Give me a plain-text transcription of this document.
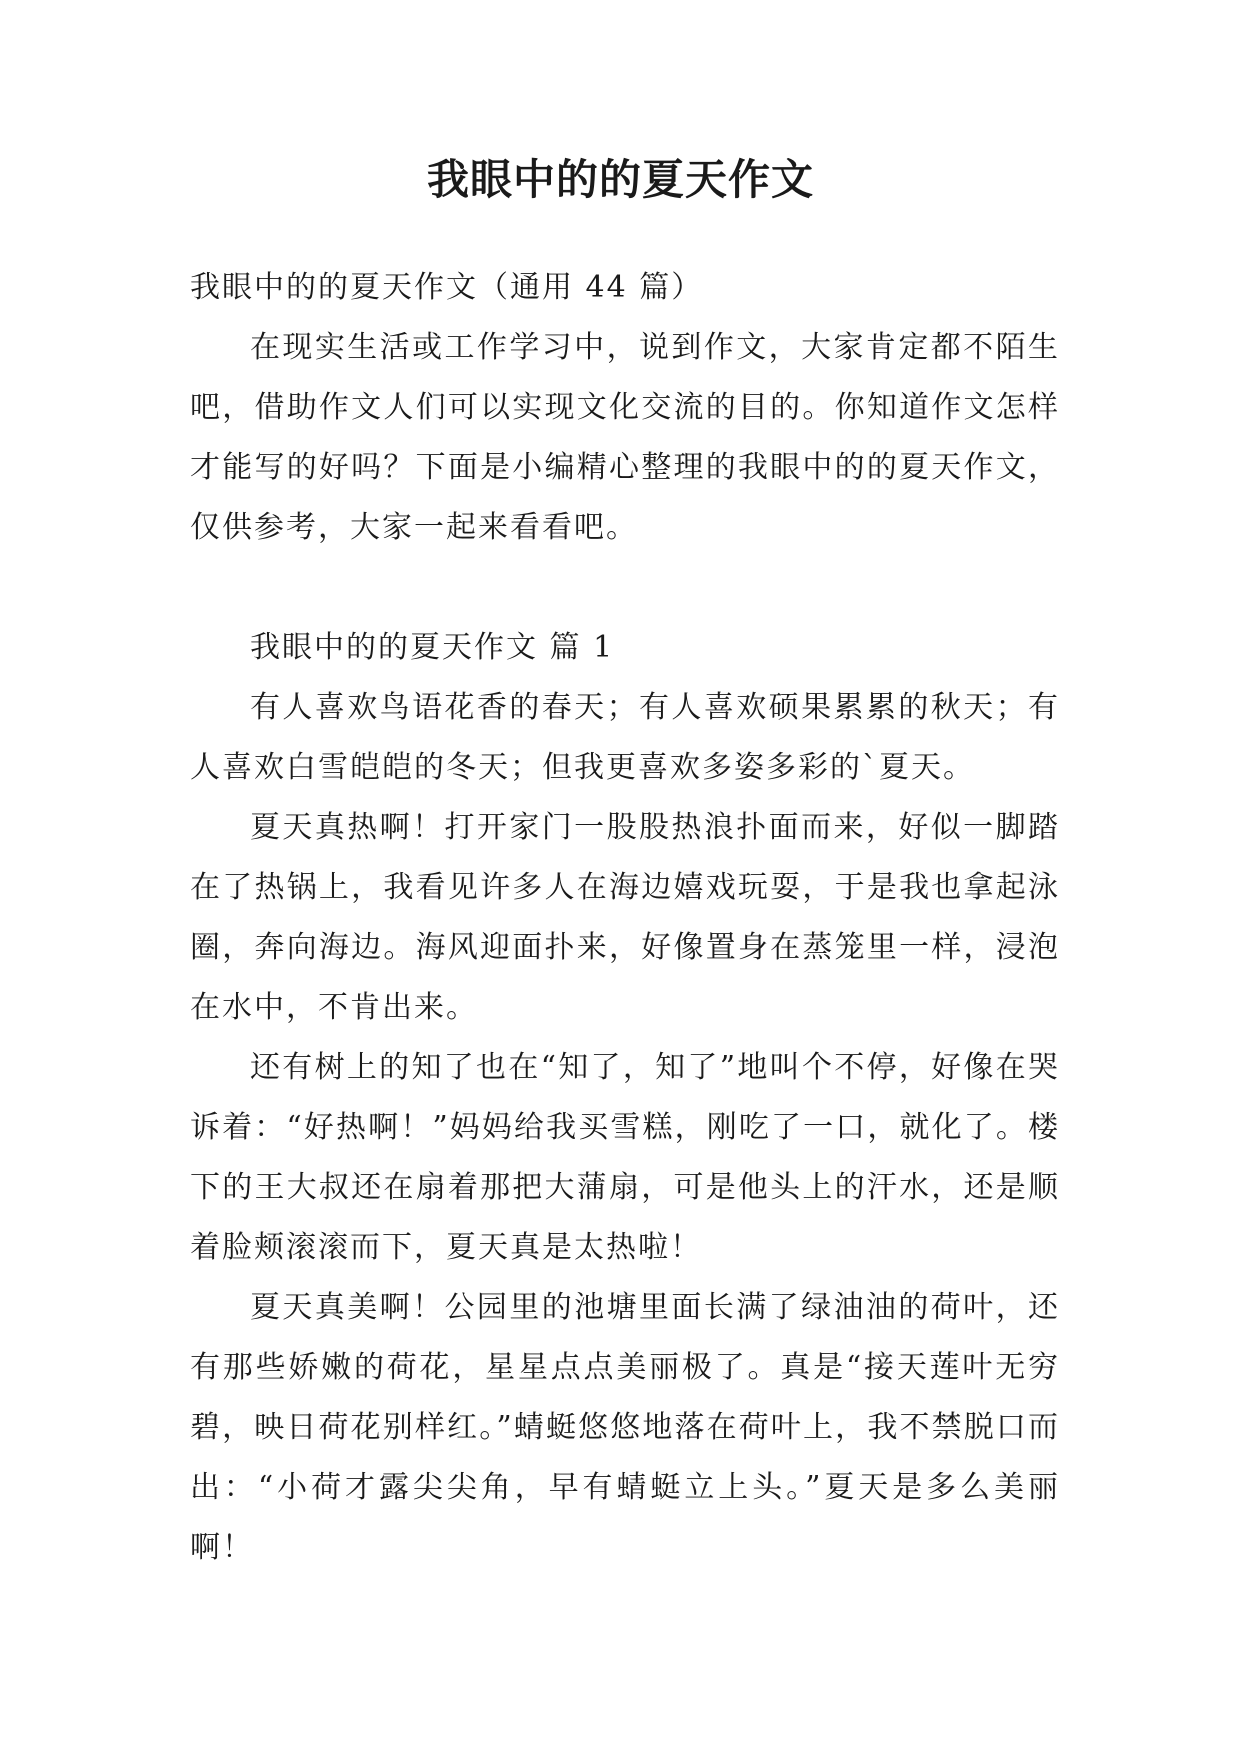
我眼中的的夏天作文

我眼中的的夏天作文（通用 44 篇）

在现实生活或工作学习中，说到作文，大家肯定都不陌生吧，借助作文人们可以实现文化交流的目的。你知道作文怎样才能写的好吗？下面是小编精心整理的我眼中的的夏天作文，仅供参考，大家一起来看看吧。

我眼中的的夏天作文 篇 1

有人喜欢鸟语花香的春天；有人喜欢硕果累累的秋天；有人喜欢白雪皑皑的冬天；但我更喜欢多姿多彩的`夏天。

夏天真热啊！打开家门一股股热浪扑面而来，好似一脚踏在了热锅上，我看见许多人在海边嬉戏玩耍，于是我也拿起泳圈，奔向海边。海风迎面扑来，好像置身在蒸笼里一样，浸泡在水中，不肯出来。

还有树上的知了也在“知了，知了”地叫个不停，好像在哭诉着：“好热啊！”妈妈给我买雪糕，刚吃了一口，就化了。楼下的王大叔还在扇着那把大蒲扇，可是他头上的汗水，还是顺着脸颊滚滚而下，夏天真是太热啦！

夏天真美啊！公园里的池塘里面长满了绿油油的荷叶，还有那些娇嫩的荷花，星星点点美丽极了。真是“接天莲叶无穷碧，映日荷花别样红。”蜻蜓悠悠地落在荷叶上，我不禁脱口而出：“小荷才露尖尖角，早有蜻蜓立上头。”夏天是多么美丽啊！
